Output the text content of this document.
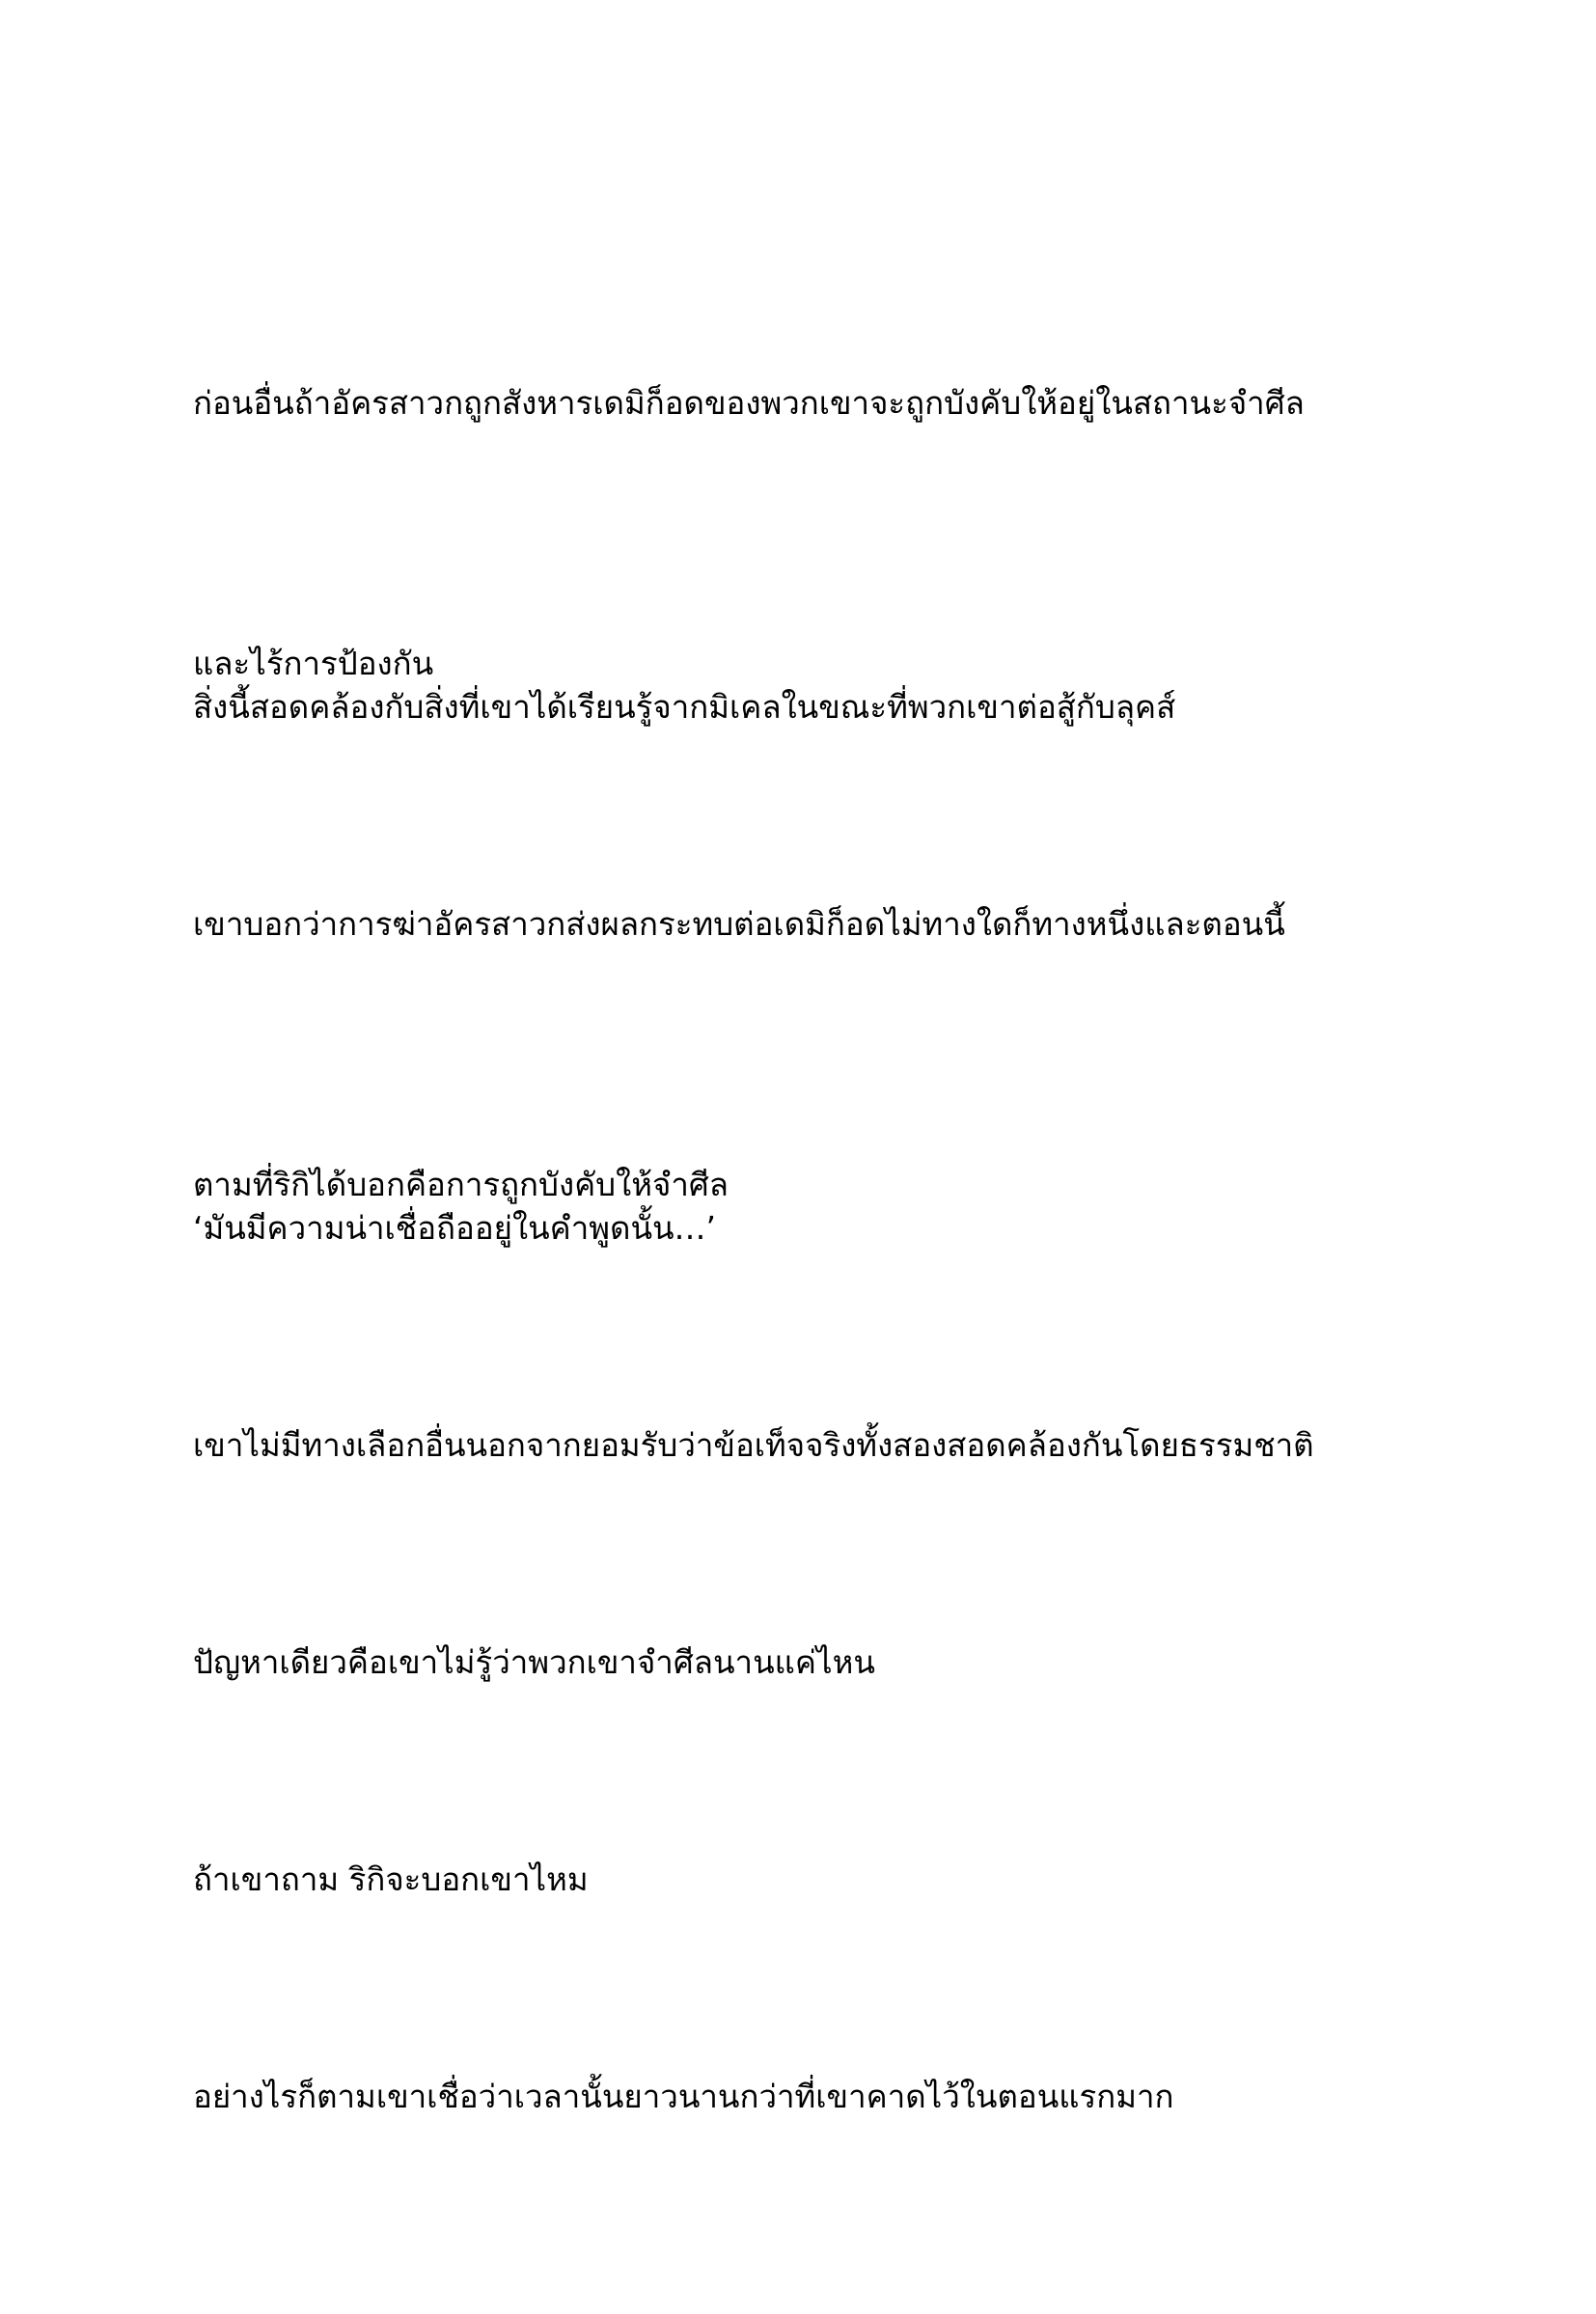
ก่อนอื่นถ้าอัครสาวกถูกสังหารเดมิก็อดของพวกเขาจะถูกบังคับให้อยู่ในสถานะจำศีล

และไร้การป้องกัน

สิ่งนี้สอดคล้องกับสิ่งที่เขาได้เรียนรู้จากมิเคลในขณะที่พวกเขาต่อสู้กับลุคส์

เขาบอกว่าการฆ่าอัครสาวกส่งผลกระทบต่อเดมิก็อดไม่ทางใดก็ทางหนึ่งและตอนนี้

ตามที่ริกิได้บอกคือการถูกบังคับให้จำศีล

‘มันมีความน่าเชื่อถืออยู่ในคำพูดนั้น…’

เขาไม่มีทางเลือกอื่นนอกจากยอมรับว่าข้อเท็จจริงทั้งสองสอดคล้องกันโดยธรรมชาติ

ปัญหาเดียวคือเขาไม่รู้ว่าพวกเขาจำศีลนานแค่ไหน

ถ้าเขาถาม ริกิจะบอกเขาไหม

อย่างไรก็ตามเขาเชื่อว่าเวลานั้นยาวนานกว่าที่เขาคาดไว้ในตอนแรกมาก
